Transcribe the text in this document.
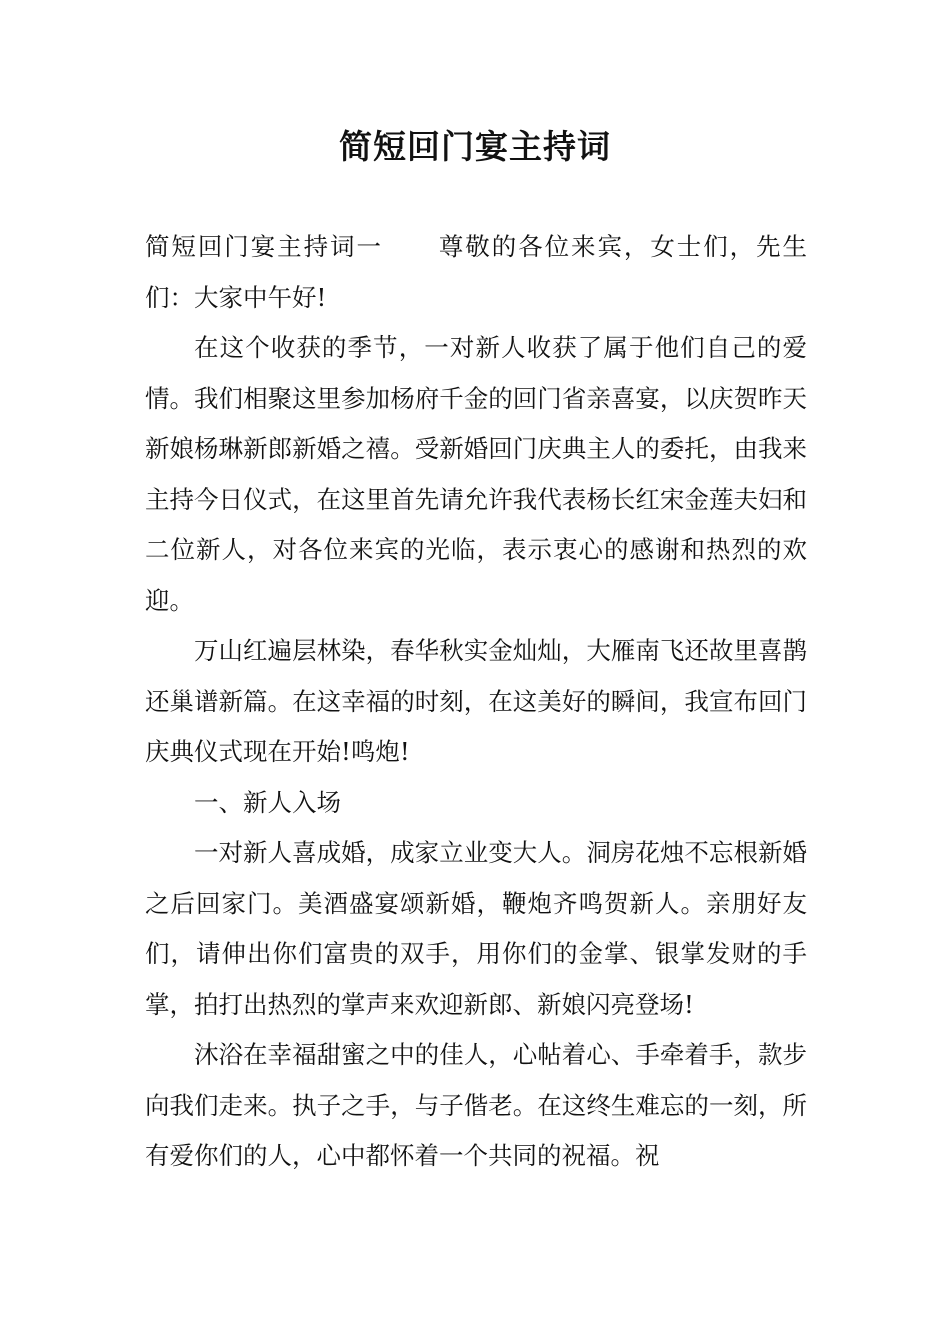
简短回门宴主持词

简短回门宴主持词一 尊敬的各位来宾，女士们，先生们：大家中午好!

在这个收获的季节，一对新人收获了属于他们自己的爱情。我们相聚这里参加杨府千金的回门省亲喜宴，以庆贺昨天新娘杨琳新郎新婚之禧。受新婚回门庆典主人的委托，由我来主持今日仪式，在这里首先请允许我代表杨长红宋金莲夫妇和二位新人，对各位来宾的光临，表示衷心的感谢和热烈的欢迎。

万山红遍层林染，春华秋实金灿灿，大雁南飞还故里喜鹊还巢谱新篇。在这幸福的时刻，在这美好的瞬间，我宣布回门庆典仪式现在开始!鸣炮!

一、新人入场

一对新人喜成婚，成家立业变大人。洞房花烛不忘根新婚之后回家门。美酒盛宴颂新婚，鞭炮齐鸣贺新人。亲朋好友们，请伸出你们富贵的双手，用你们的金掌、银掌发财的手掌，拍打出热烈的掌声来欢迎新郎、新娘闪亮登场!

沐浴在幸福甜蜜之中的佳人，心帖着心、手牵着手，款步向我们走来。执子之手，与子偕老。在这终生难忘的一刻，所有爱你们的人，心中都怀着一个共同的祝福。祝
